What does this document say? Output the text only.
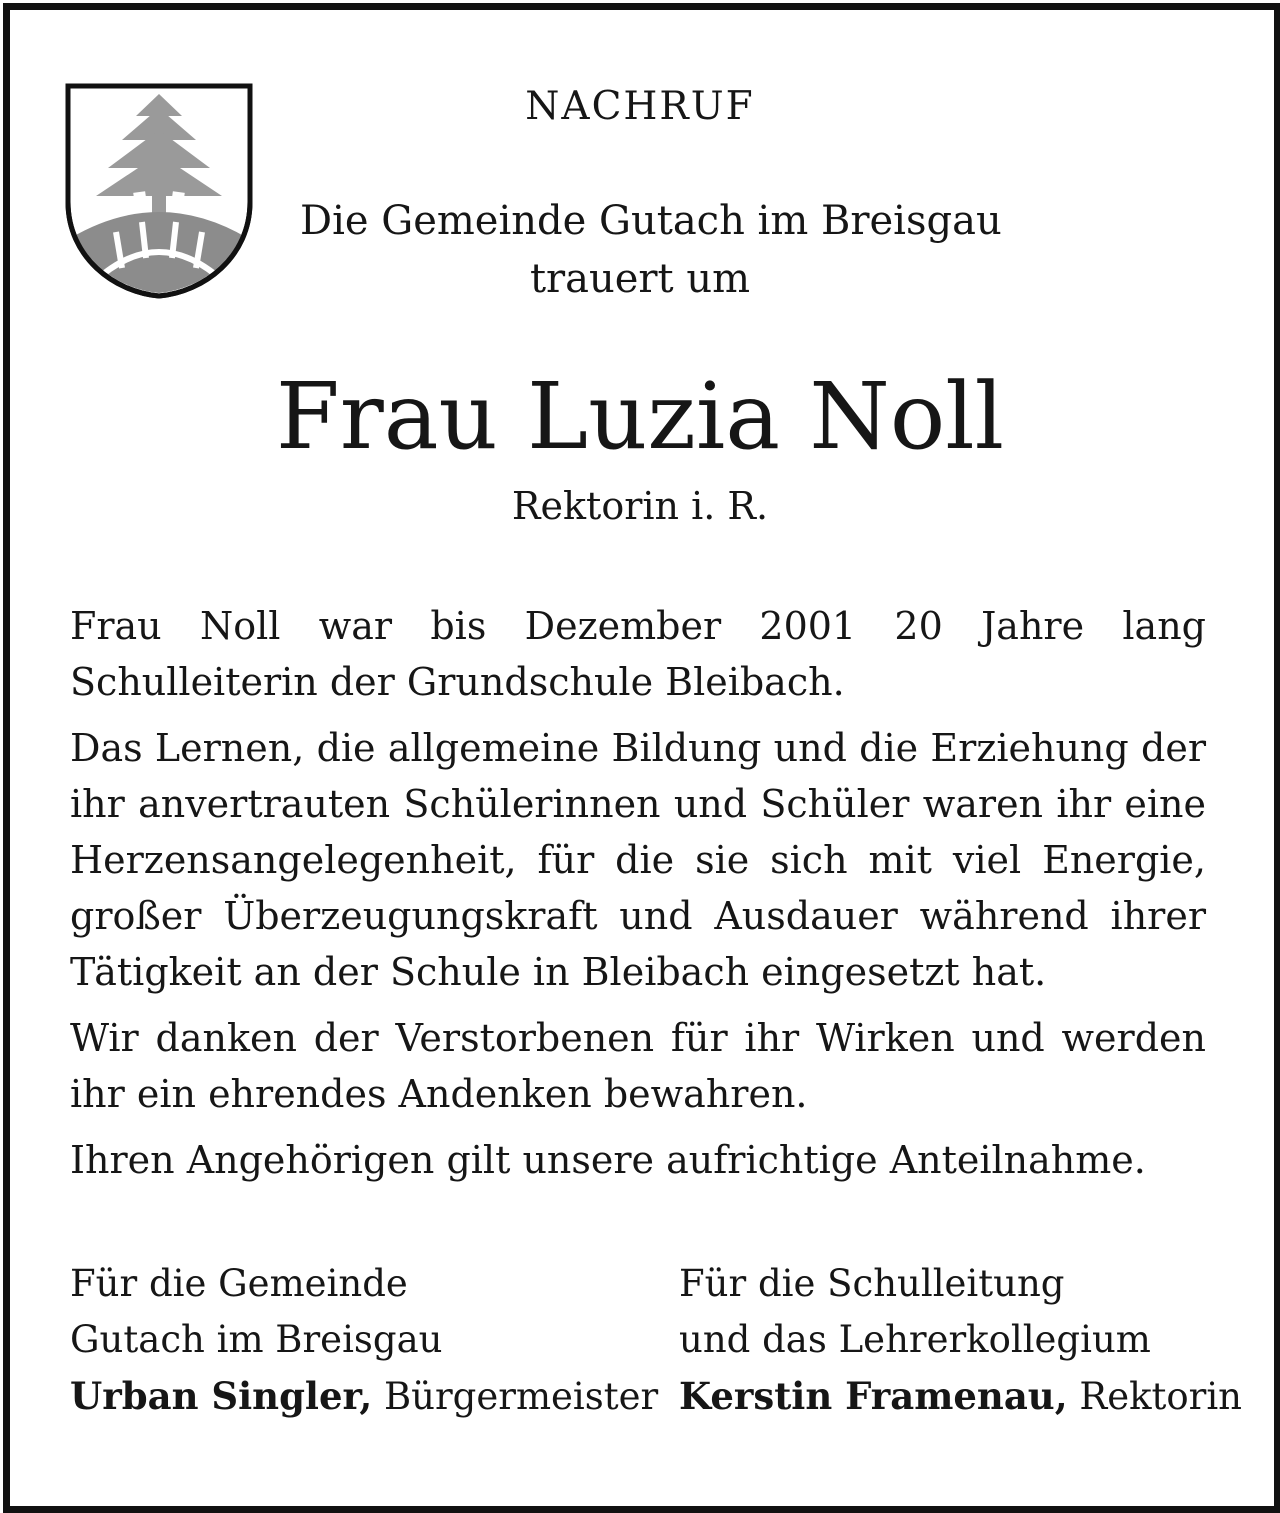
NACHRUF
Die Gemeinde Gutach im Breisgau
trauert um
Frau Luzia Noll
Rektorin i. R.

Frau Noll war bis Dezember 2001 20 Jahre lang Schulleiterin der Grundschule Bleibach.

Das Lernen, die allgemeine Bildung und die Erziehung der ihr anvertrauten Schülerinnen und Schüler waren ihr eine Herzensangelegenheit, für die sie sich mit viel Energie, großer Überzeugungskraft und Ausdauer während ihrer Tätigkeit an der Schule in Bleibach eingesetzt hat.

Wir danken der Verstorbenen für ihr Wirken und werden ihr ein ehrendes Andenken bewahren.

Ihren Angehörigen gilt unsere aufrichtige Anteilnahme.

Für die Gemeinde
Gutach im Breisgau
Urban Singler, Bürgermeister
Für die Schulleitung
und das Lehrerkollegium
Kerstin Framenau, Rektorin
